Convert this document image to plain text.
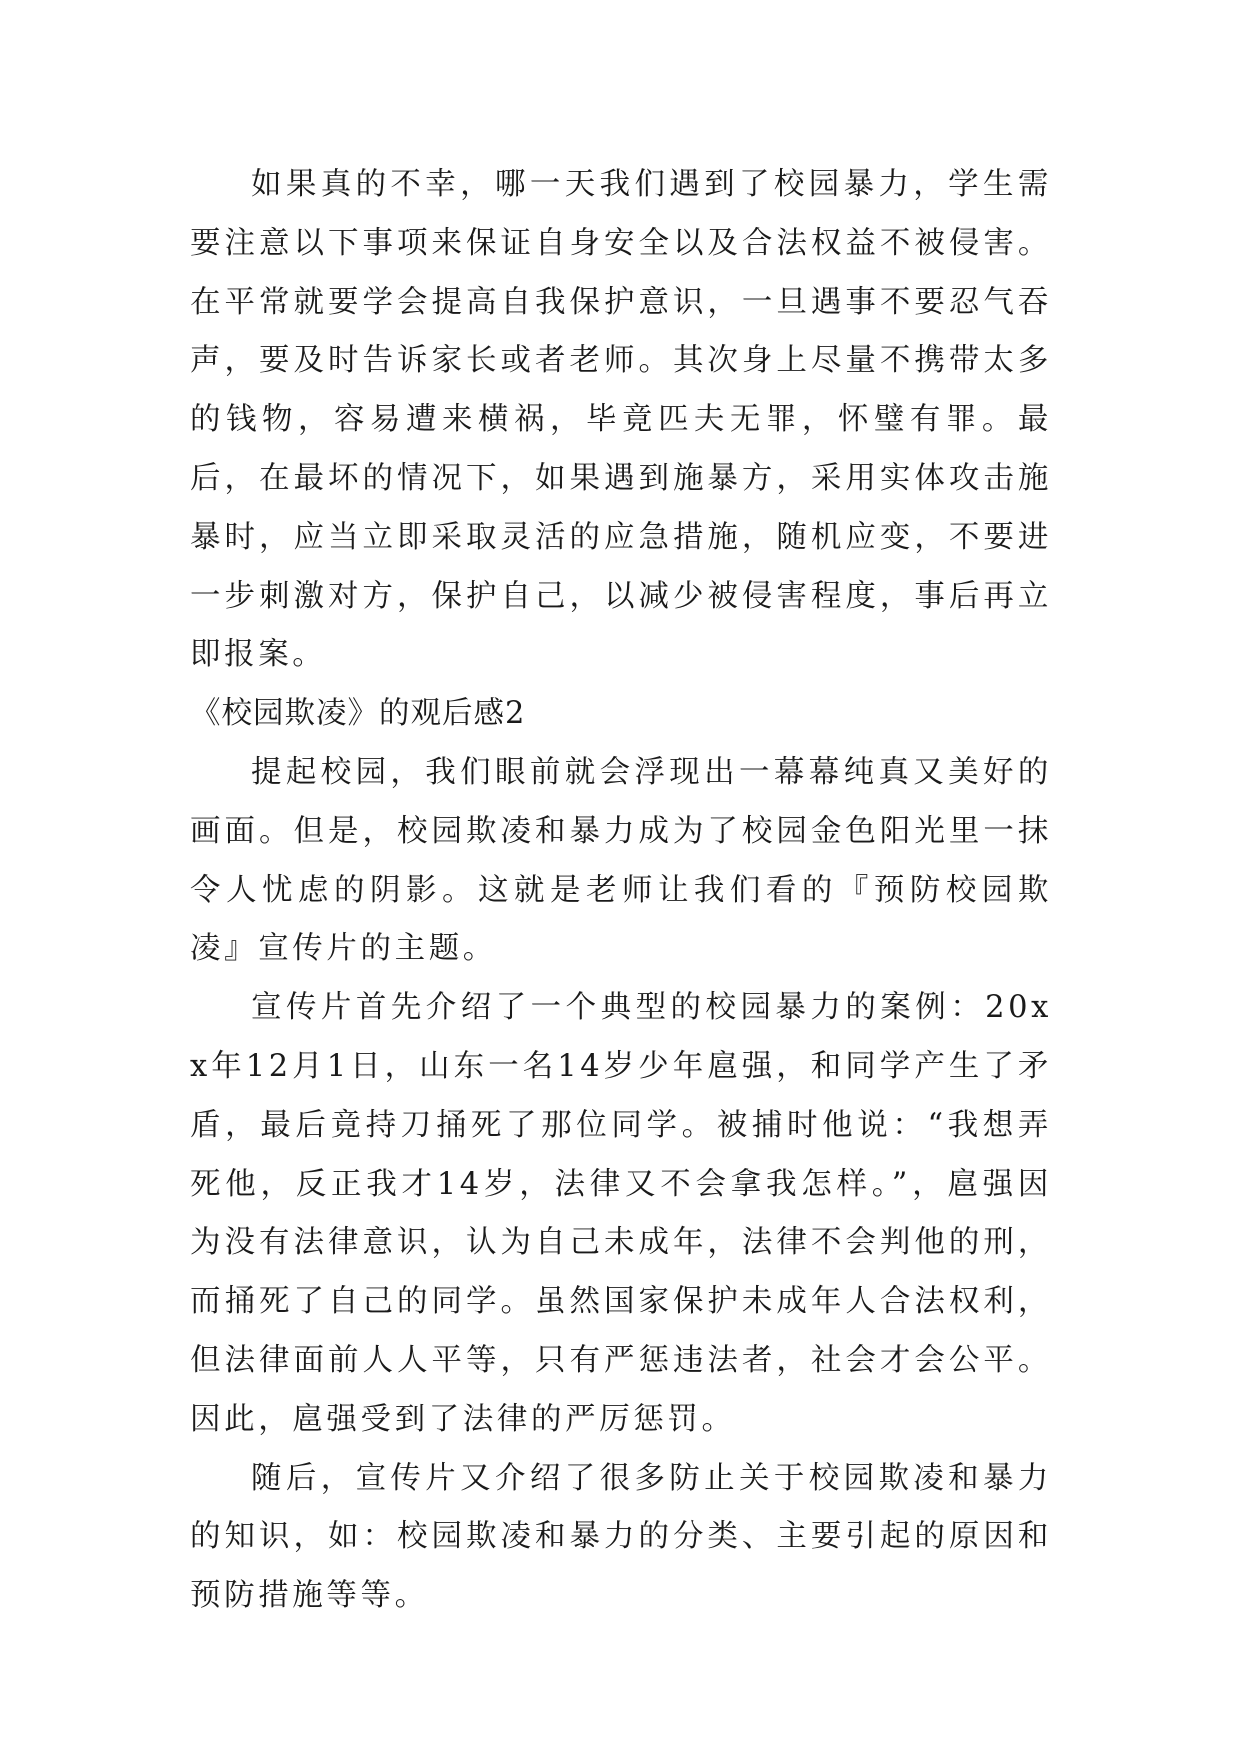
如果真的不幸，哪一天我们遇到了校园暴力，学生需要注意以下事项来保证自身安全以及合法权益不被侵害。在平常就要学会提高自我保护意识，一旦遇事不要忍气吞声，要及时告诉家长或者老师。其次身上尽量不携带太多的钱物，容易遭来横祸，毕竟匹夫无罪，怀璧有罪。最后，在最坏的情况下，如果遇到施暴方，采用实体攻击施暴时，应当立即采取灵活的应急措施，随机应变，不要进一步刺激对方，保护自己，以减少被侵害程度，事后再立即报案。

《校园欺凌》的观后感2

提起校园，我们眼前就会浮现出一幕幕纯真又美好的画面。但是，校园欺凌和暴力成为了校园金色阳光里一抹令人忧虑的阴影。这就是老师让我们看的『预防校园欺凌』宣传片的主题。

宣传片首先介绍了一个典型的校园暴力的案例：20xx年12月1日，山东一名14岁少年扈强，和同学产生了矛盾，最后竟持刀捅死了那位同学。被捕时他说：“我想弄死他，反正我才14岁，法律又不会拿我怎样。”，扈强因为没有法律意识，认为自己未成年，法律不会判他的刑，而捅死了自己的同学。虽然国家保护未成年人合法权利，但法律面前人人平等，只有严惩违法者，社会才会公平。因此，扈强受到了法律的严厉惩罚。

随后，宣传片又介绍了很多防止关于校园欺凌和暴力的知识，如：校园欺凌和暴力的分类、主要引起的原因和预防措施等等。
